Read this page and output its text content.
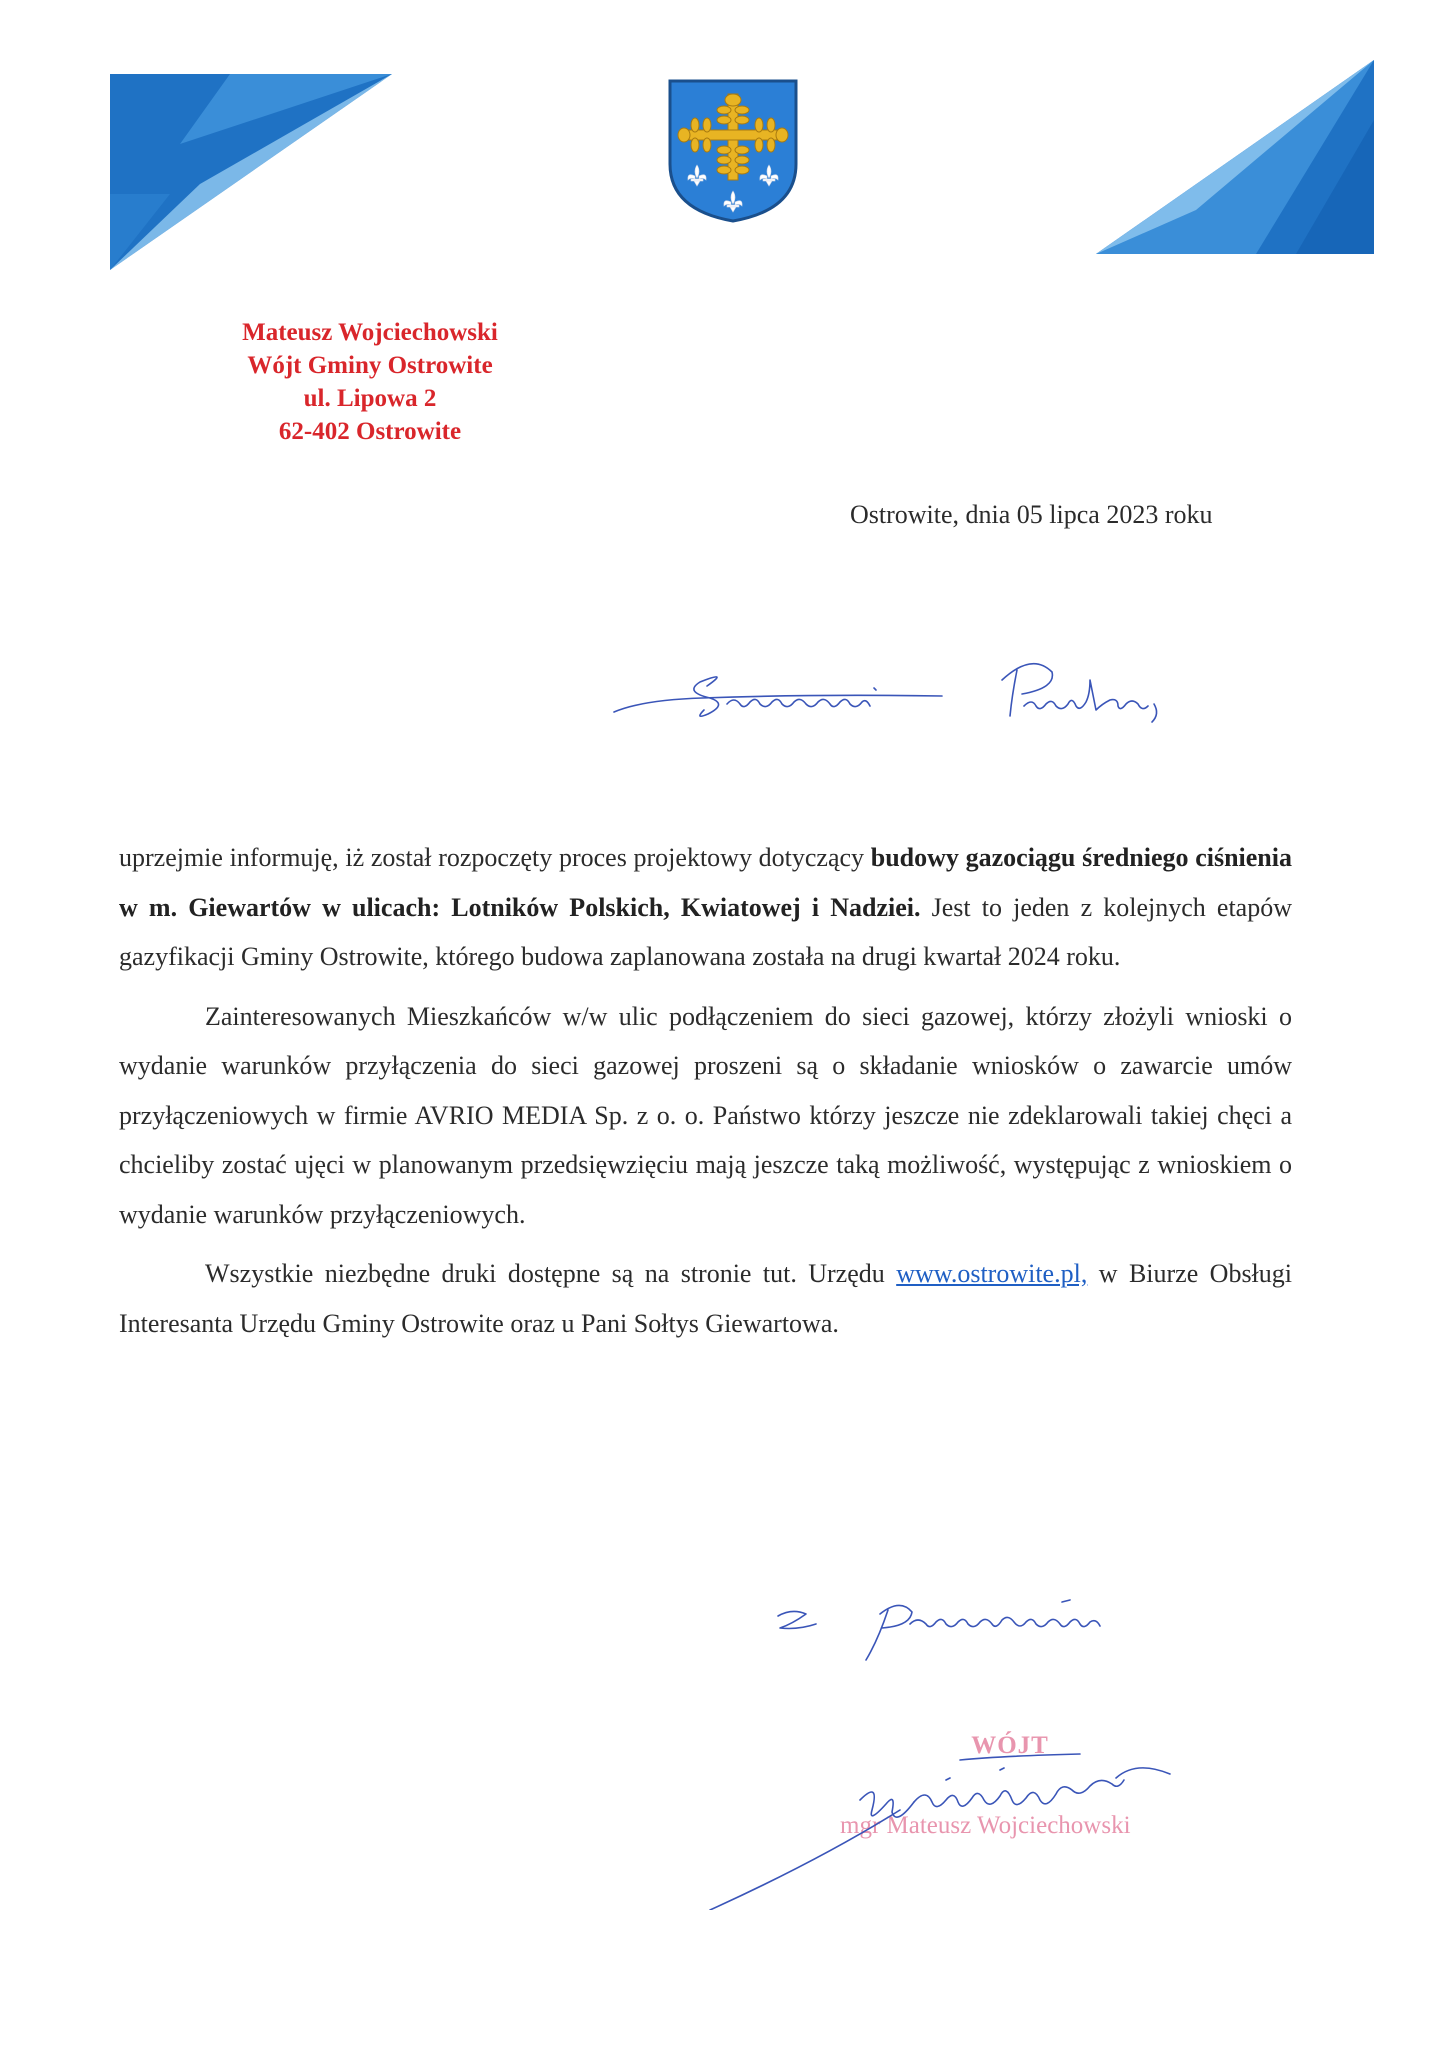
Mateusz Wojciechowski
Wójt Gminy Ostrowite
ul. Lipowa 2
62-402 Ostrowite
Ostrowite, dnia 05 lipca 2023 roku

uprzejmie informuję, iż został rozpoczęty proces projektowy dotyczący budowy gazociągu średniego ciśnienia w m. Giewartów w ulicach: Lotników Polskich, Kwiatowej i Nadziei. Jest to jeden z kolejnych etapów gazyfikacji Gminy Ostrowite, którego budowa zaplanowana została na drugi kwartał 2024 roku.

Zainteresowanych Mieszkańców w/w ulic podłączeniem do sieci gazowej, którzy złożyli wnioski o wydanie warunków przyłączenia do sieci gazowej proszeni są o składanie wniosków o zawarcie umów przyłączeniowych w firmie AVRIO MEDIA Sp. z o. o. Państwo którzy jeszcze nie zdeklarowali takiej chęci a chcieliby zostać ujęci w planowanym przedsięwzięciu mają jeszcze taką możliwość, występując z wnioskiem o wydanie warunków przyłączeniowych.

Wszystkie niezbędne druki dostępne są na stronie tut. Urzędu www.ostrowite.pl, w Biurze Obsługi Interesanta Urzędu Gminy Ostrowite oraz u Pani Sołtys Giewartowa.

WÓJT
mgr Mateusz Wojciechowski
